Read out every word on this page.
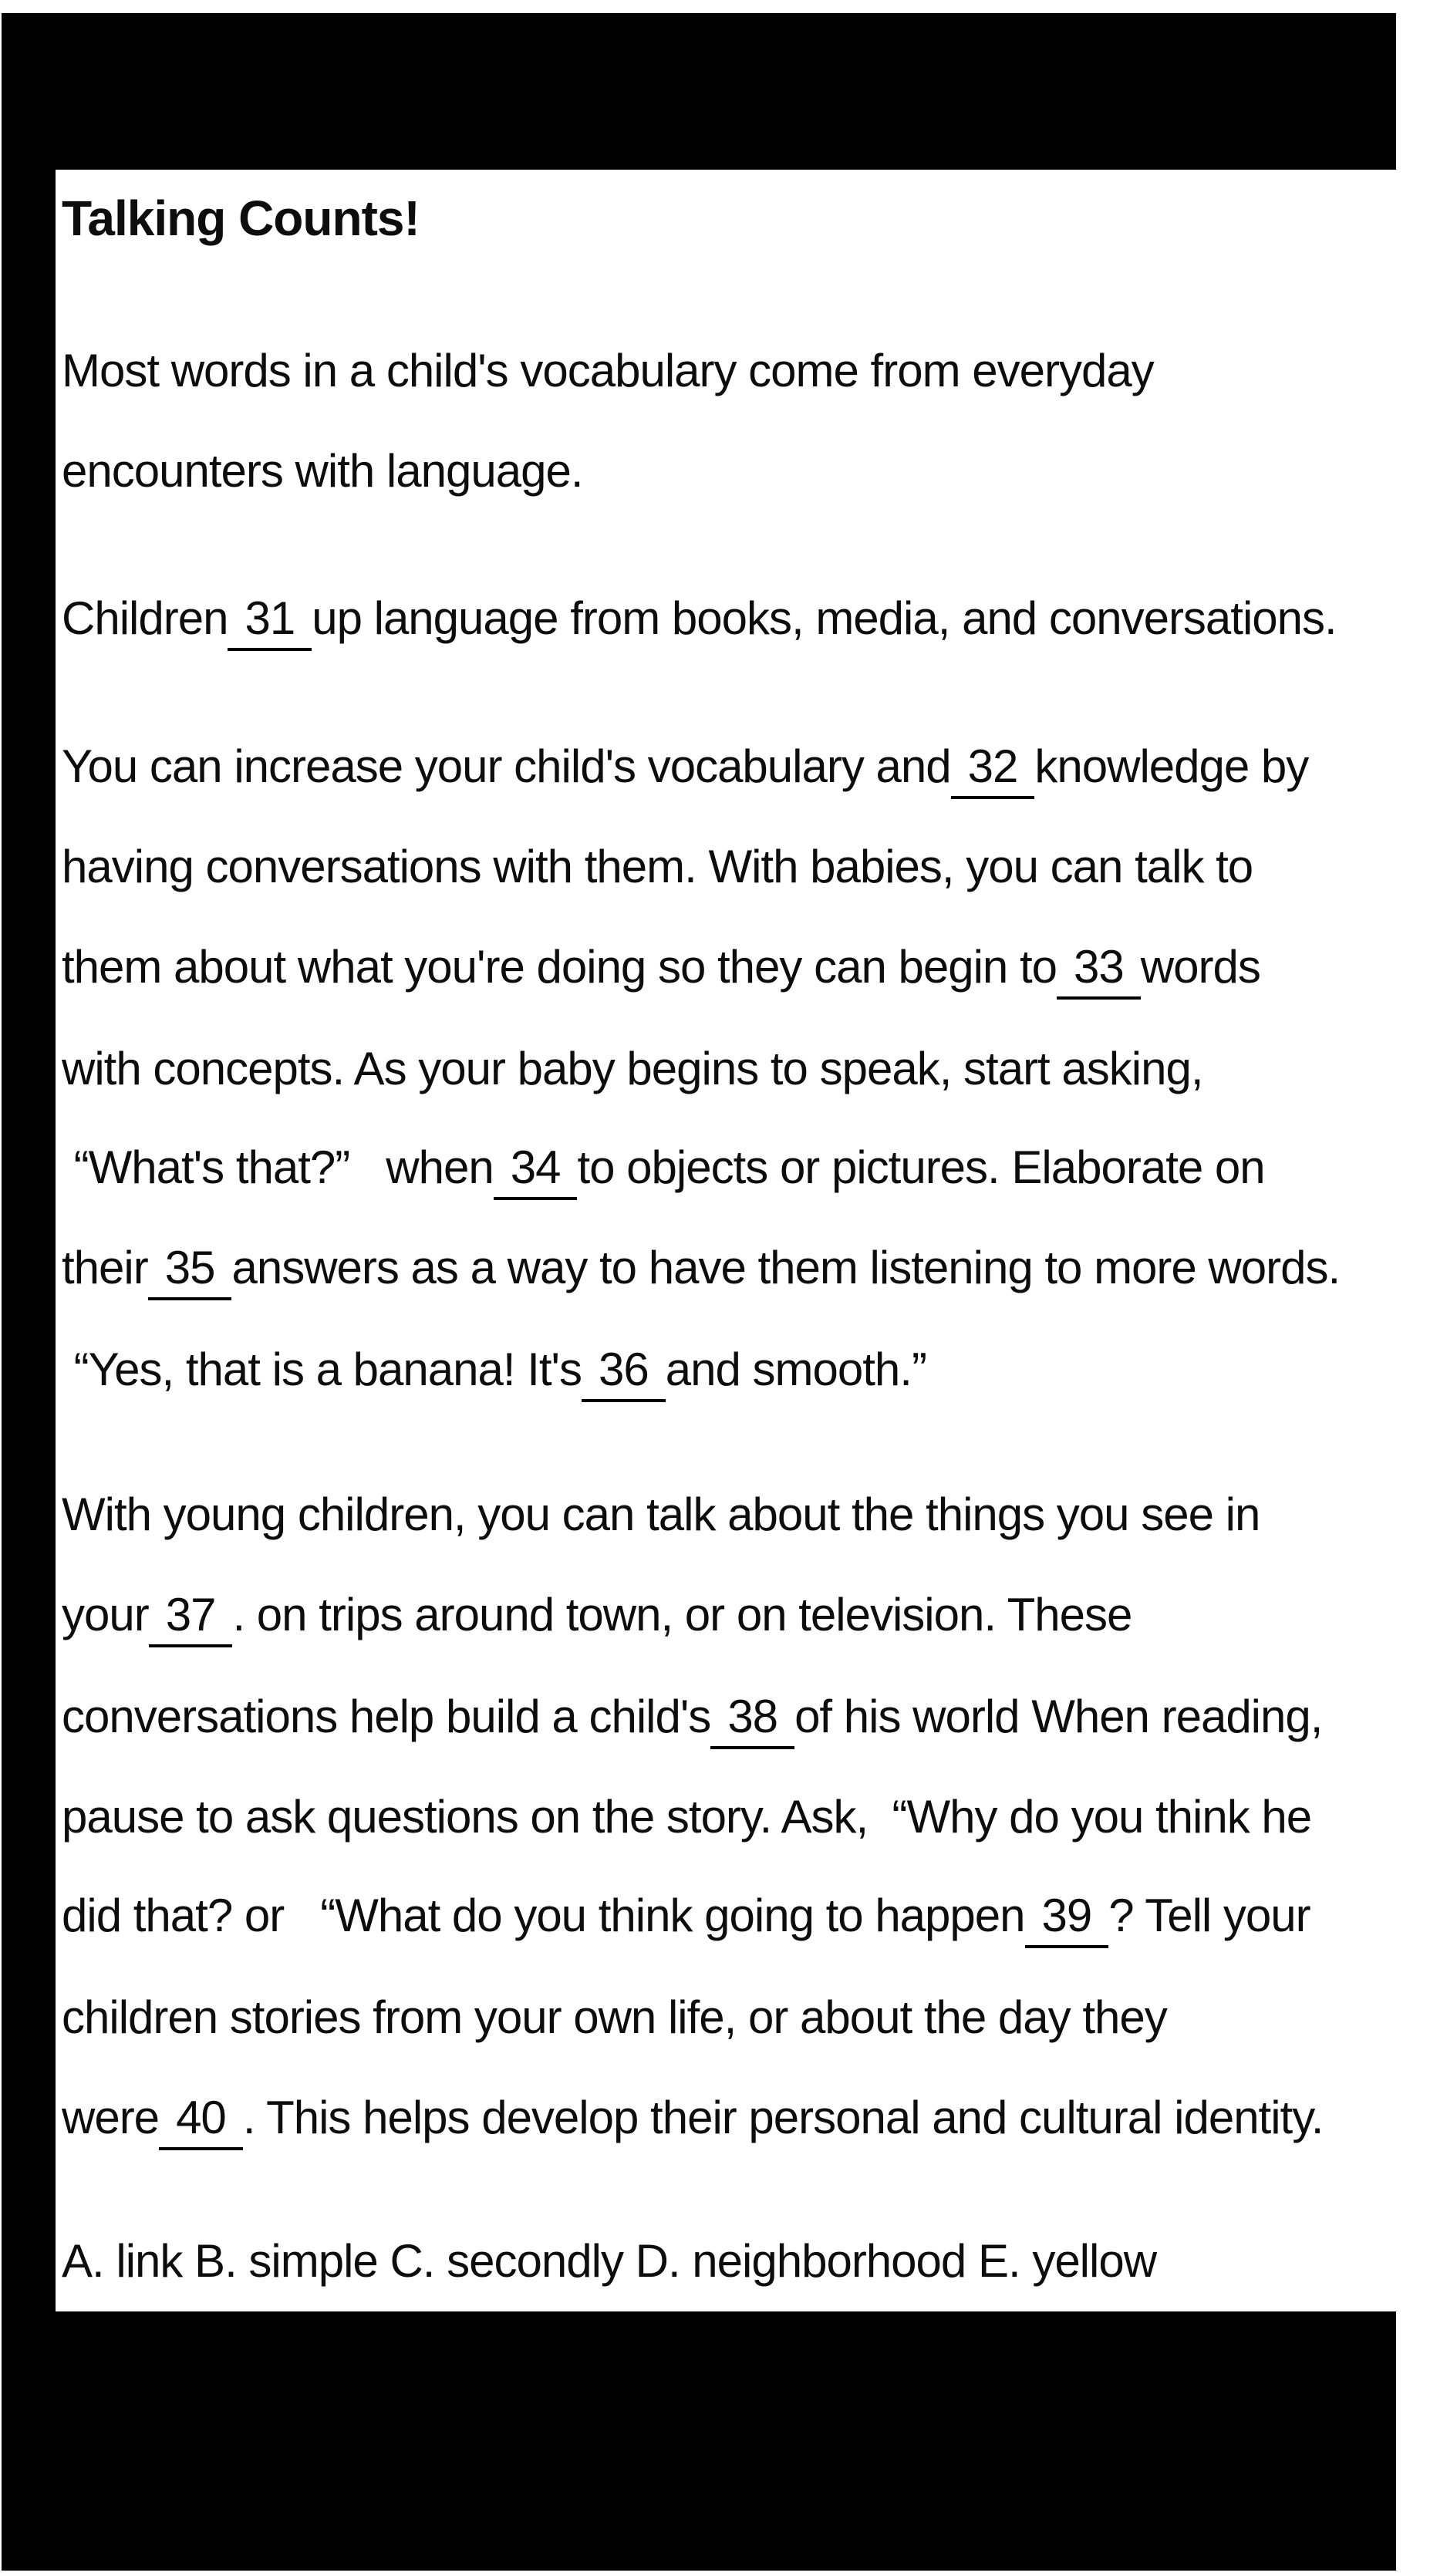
Talking Counts!
Most words in a child's vocabulary come from everyday
encounters with language.
Children 31 up language from books, media, and conversations.
You can increase your child's vocabulary and 32 knowledge by
having conversations with them. With babies, you can talk to
them about what you're doing so they can begin to 33 words
with concepts. As your baby begins to speak, start asking,
“What's that?”   when 34 to objects or pictures. Elaborate on
their 35 answers as a way to have them listening to more words.
“Yes, that is a banana! It's 36 and smooth.”
With young children, you can talk about the things you see in
your 37 . on trips around town, or on television. These
conversations help build a child's 38 of his world When reading,
pause to ask questions on the story. Ask,  “Why do you think he
did that? or   “What do you think going to happen 39 ? Tell your
children stories from your own life, or about the day they
were 40 . This helps develop their personal and cultural identity.
A. link B. simple C. secondly D. neighborhood E. yellow
